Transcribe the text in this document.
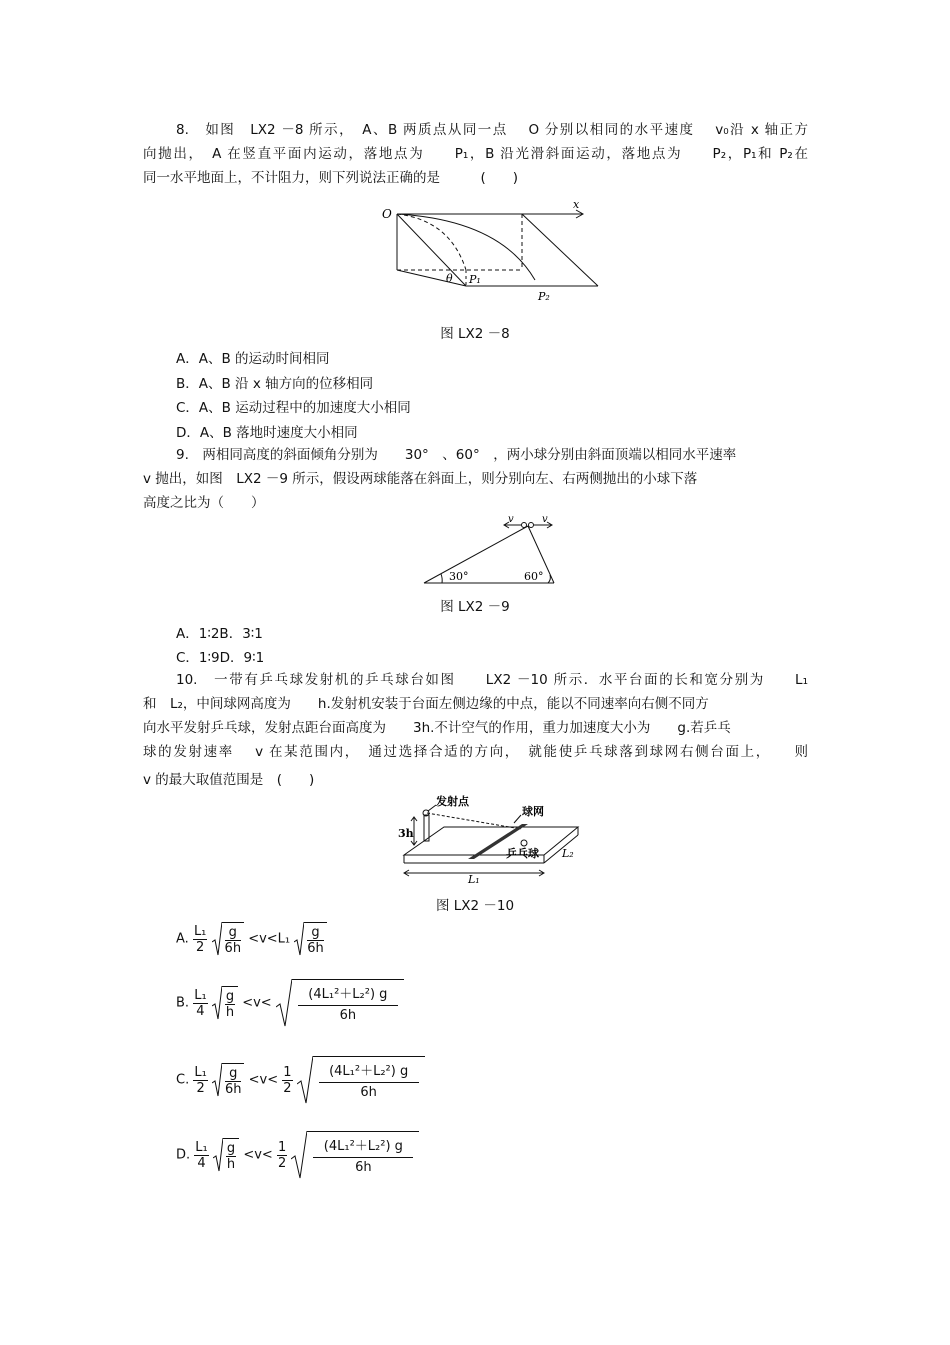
8.　如图　LX2 －8 所示，　A、B 两质点从同一点　 O 分别以相同的水平速度　 v₀沿 x 轴正方
向抛出，　A 在竖直平面内运动，落地点为　　P₁，B 沿光滑斜面运动，落地点为　　P₂，P₁和 P₂在
同一水平地面上，不计阻力，则下列说法正确的是　　　(　　)
O
x
θ P₁
P₂
图 LX2 －8
A．A、B 的运动时间相同
B．A、B 沿 x 轴方向的位移相同
C．A、B 运动过程中的加速度大小相同
D．A、B 落地时速度大小相同
9.　两相同高度的斜面倾角分别为　　30°　、60°　，两小球分别由斜面顶端以相同水平速率
v 抛出，如图　LX2 －9 所示，假设两球能落在斜面上，则分别向左、右两侧抛出的小球下落
高度之比为（　　）
v	v
30°	60°
图 LX2 －9
A．1∶2B．3∶1
C．1∶9D．9∶1
10.　一带有乒乓球发射机的乒乓球台如图　　LX2 －10 所示．水平台面的长和宽分别为　　L₁
和　L₂，中间球网高度为　　h.发射机安装于台面左侧边缘的中点，能以不同速率向右侧不同方
向水平发射乒乓球，发射点距台面高度为　　3h.不计空气的作用，重力加速度大小为　　g.若乒乓
球的发射速率　 v 在某范围内，　通过选择合适的方向，　就能使乒乓球落到球网右侧台面上，　　则
v 的最大取值范围是　(　　)
发射点
球网
乒乓球
3h
L₁
L₂
图 LX2 －10
A. $\frac{\text{L₁}}{2}$
	g
6h
<v<L₁	g
6h
B. $\frac{\text{L₁}}{4}$
g
h
<v<
(4L₁²＋L₂²) g
6h
C. $\frac{\text{L₁}}{2}$
	g
6h
$<v< \frac{1}{2}$
	(4L₁²＋L₂²) g
6h
D. $\frac{\text{L₁}}{4}$
g
h
$<v< \frac{1}{2}$
	(4L₁²＋L₂²) g
6h
